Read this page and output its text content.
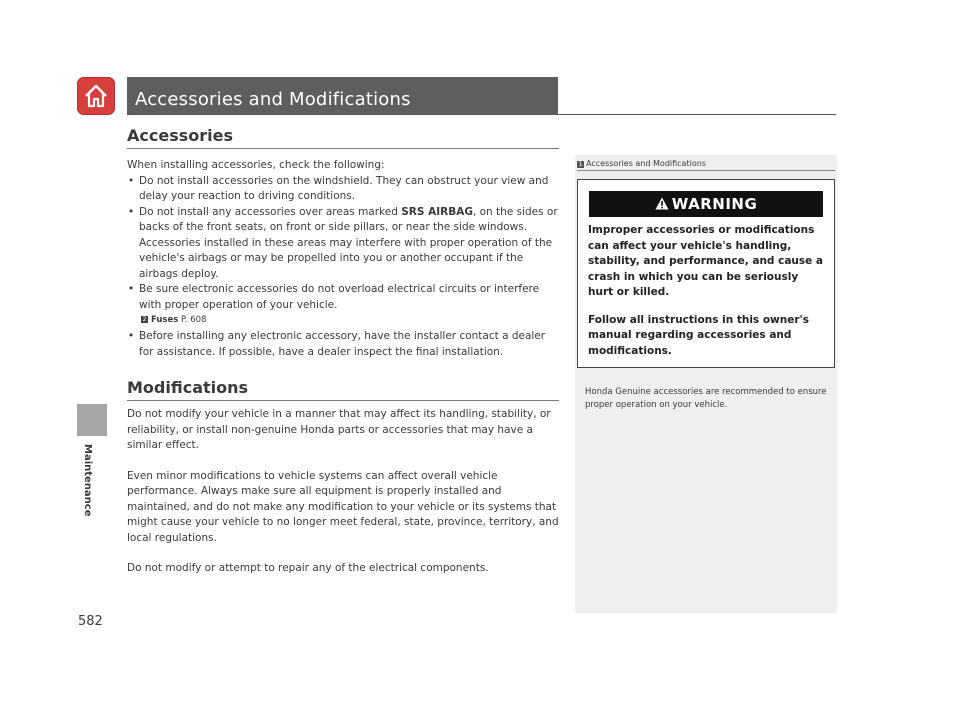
Accessories and Modifications
Maintenance
582
Accessories

When installing accessories, check the following:

• Do not install accessories on the windshield. They can obstruct your view and delay your reaction to driving conditions.
• Do not install any accessories over areas marked SRS AIRBAG, on the sides or backs of the front seats, on front or side pillars, or near the side windows. Accessories installed in these areas may interfere with proper operation of the vehicle's airbags or may be propelled into you or another occupant if the airbags deploy.
• Be sure electronic accessories do not overload electrical circuits or interfere with proper operation of your vehicle.
2 Fuses P. 608
• Before installing any electronic accessory, have the installer contact a dealer for assistance. If possible, have a dealer inspect the final installation.
Modifications

Do not modify your vehicle in a manner that may affect its handling, stability, or reliability, or install non-genuine Honda parts or accessories that may have a similar effect.

Even minor modifications to vehicle systems can affect overall vehicle performance. Always make sure all equipment is properly installed and maintained, and do not make any modification to your vehicle or its systems that might cause your vehicle to no longer meet federal, state, province, territory, and local regulations.

Do not modify or attempt to repair any of the electrical components.

1 Accessories and Modifications
WARNING

Improper accessories or modifications can affect your vehicle's handling, stability, and performance, and cause a crash in which you can be seriously hurt or killed.

Follow all instructions in this owner's manual regarding accessories and modifications.

Honda Genuine accessories are recommended to ensure proper operation on your vehicle.
